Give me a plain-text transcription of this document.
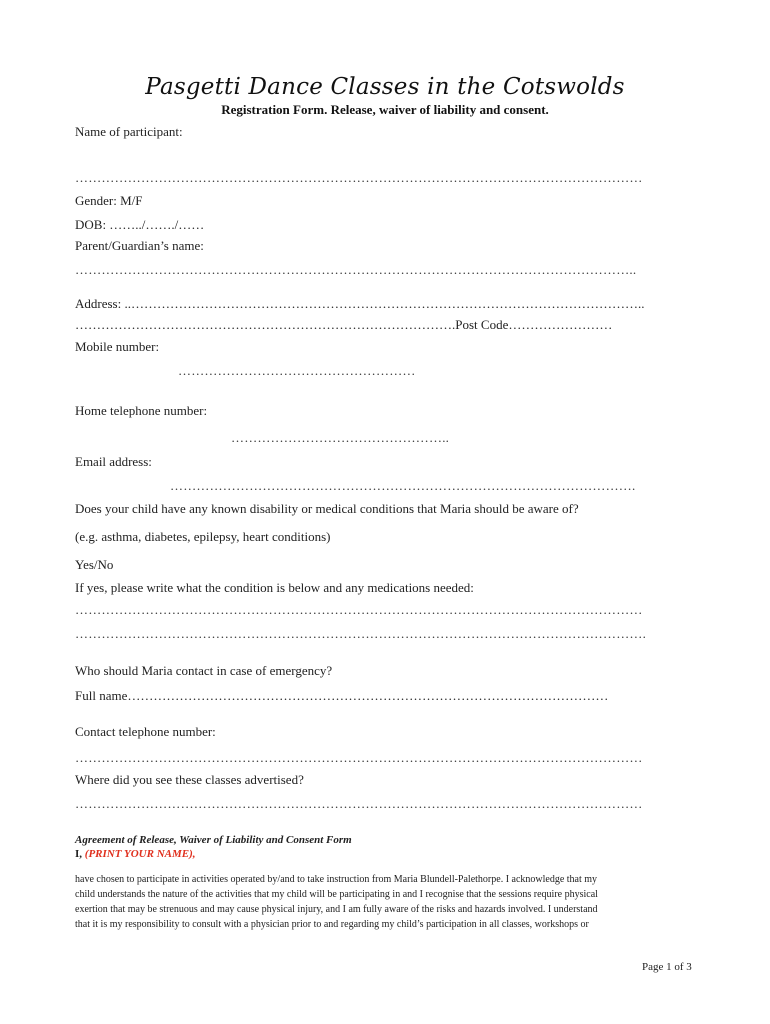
Pasgetti Dance Classes in the Cotswolds
Registration Form. Release, waiver of liability and consent.
Name of participant:
…………………………………………………………………………………………………………………
Gender: M/F
DOB: ……../……./……
Parent/Guardian’s name:
………………………………………………………………………………………………………………..
Address: ..………………………………………………………………………………………………………..
…………………………………………………………………………….Post Code……………………
Mobile number:
………………………………………………
Home telephone number:
…………………………………………..
Email address:
…………………………………………………………………………………………….
Does your child have any known disability or medical conditions that Maria should be aware of?
(e.g. asthma, diabetes, epilepsy, heart conditions)
Yes/No
If yes, please write what the condition is below and any medications needed:
…………………………………………………………………………………………………………………
………………………………………………………………………………………………………………….
Who should Maria contact in case of emergency?
Full name…………………………………………………………………………………………………
Contact telephone number:
…………………………………………………………………………………………………………………
Where did you see these classes advertised?
…………………………………………………………………………………………………………………
Agreement of Release, Waiver of Liability and Consent Form
I, (PRINT YOUR NAME),
have chosen to participate in activities operated by/and to take instruction from Maria Blundell-Palethorpe. I acknowledge that my
child understands the nature of the activities that my child will be participating in and I recognise that the sessions require physical
exertion that may be strenuous and may cause physical injury, and I am fully aware of the risks and hazards involved. I understand
that it is my responsibility to consult with a physician prior to and regarding my child’s participation in all classes, workshops or
Page 1 of 3
